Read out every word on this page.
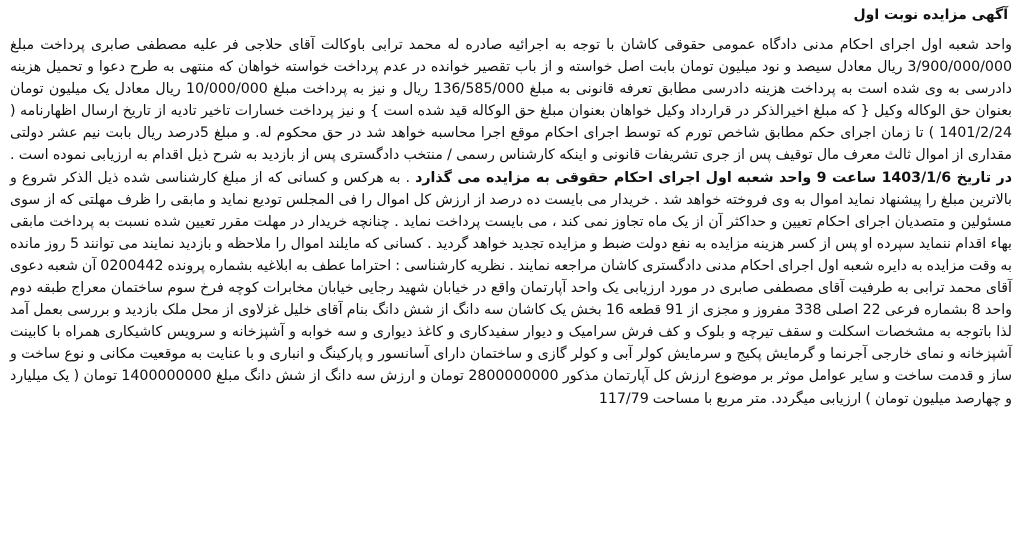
آگهی مزایده نوبت اول

واحد شعبه اول اجرای احکام مدنی دادگاه عمومی حقوقی کاشان با توجه به اجرائیه صادره له محمد ترابی باوکالت آقای حلاجی فر علیه مصطفی صابری پرداخت مبلغ 3/900/000/000 ریال معادل سیصد و نود میلیون تومان بابت اصل خواسته و از باب تقصیر خوانده در عدم پرداخت خواسته خواهان که منتهی به طرح دعوا و تحمیل هزینه دادرسی به وی شده است به پرداخت هزینه دادرسی مطابق تعرفه قانونی به مبلغ 136/585/000 ریال و نیز به پرداخت مبلغ 10/000/000 ریال معادل یک میلیون تومان بعنوان حق الوکاله وکیل { که مبلغ اخیرالذکر در قرارداد وکیل خواهان بعنوان مبلغ حق الوکاله قید شده است } و نیز پرداخت خسارات تاخیر تادیه از تاریخ ارسال اظهارنامه ( 1401/2/24 ) تا زمان اجرای حکم مطابق شاخص تورم که توسط اجرای احکام موقع اجرا محاسبه خواهد شد در حق محکوم له. و مبلغ 5درصد ریال بابت نیم عشر دولتی مقداری از اموال ثالث معرف مال توقیف پس از جری تشریفات قانونی و اینکه کارشناس رسمی / منتخب دادگستری پس از بازدید به شرح ذیل اقدام به ارزیابی نموده است . در تاریخ 1403/1/6 ساعت 9 واحد شعبه اول اجرای احکام حقوقی به مزایده می گذارد . به هرکس و کسانی که از مبلغ کارشناسی شده ذیل الذکر شروع و بالاترین مبلغ را پیشنهاد نماید اموال به وی فروخته خواهد شد . خریدار می بایست ده درصد از ارزش کل اموال را فی المجلس تودیع نماید و مابقی را ظرف مهلتی که از سوی مسئولین و متصدیان اجرای احکام تعیین و حداکثر آن از یک ماه تجاوز نمی کند ، می بایست پرداخت نماید . چنانچه خریدار در مهلت مقرر تعیین شده نسبت به پرداخت مابقی بهاء اقدام ننماید سپرده او پس از کسر هزینه مزایده به نفع دولت ضبط و مزایده تجدید خواهد گردید . کسانی که مایلند اموال را ملاحظه و بازدید نمایند می توانند 5 روز مانده به وقت مزایده به دایره شعبه اول اجرای احکام مدنی دادگستری کاشان مراجعه نمایند . نظریه کارشناسی : احتراما عطف به ابلاغیه بشماره پرونده 0200442 آن شعبه دعوی آقای محمد ترابی به طرفیت آقای مصطفی صابری در مورد ارزیابی یک واحد آپارتمان واقع در خیابان شهید رجایی خیابان مخابرات کوچه فرخ سوم ساختمان معراج طبقه دوم واحد 8 بشماره فرعی 22 اصلی 338 مفروز و مجزی از 91 قطعه 16 بخش یک کاشان سه دانگ از شش دانگ بنام آقای خلیل غزلاوی از محل ملک بازدید و بررسی بعمل آمد لذا باتوجه به مشخصات اسکلت و سقف تیرچه و بلوک و کف فرش سرامیک و دیوار سفیدکاری و کاغذ دیواری و سه خوابه و آشپزخانه و سرویس کاشیکاری همراه با کابینت آشپزخانه و نمای خارجی آجرنما و گرمایش پکیج و سرمایش کولر آبی و کولر گازی و ساختمان دارای آسانسور و پارکینگ و انباری و با عنایت به موقعیت مکانی و نوع ساخت و ساز و قدمت ساخت و سایر عوامل موثر بر موضوع ارزش کل آپارتمان مذکور 2800000000 تومان و ارزش سه دانگ از شش دانگ مبلغ 1400000000 تومان ( یک میلیارد و چهارصد میلیون تومان ) ارزیابی میگردد. متر مربع با مساحت 117/79
